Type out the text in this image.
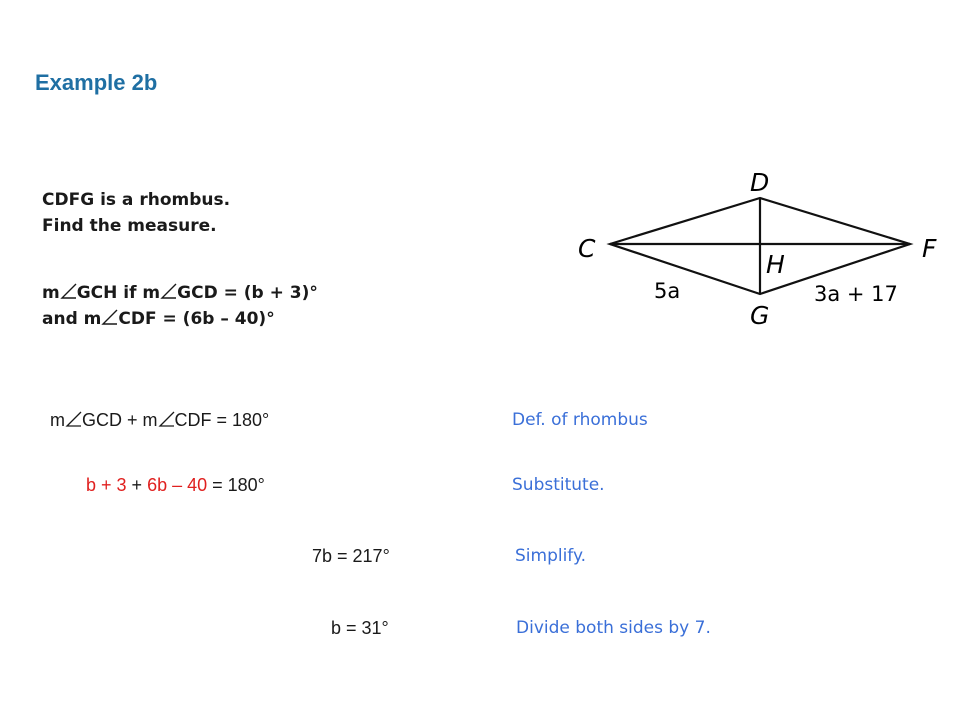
Example 2b
CDFG is a rhombus.
Find the measure.
m GCH if m GCD = (b + 3)°
and m CDF = (6b – 40)°
D
C	F
H
G
5a	3a + 17
m GCD + m CDF = 180°	Def. of rhombus
b + 3 + 6b – 40 = 180°	Substitute.
7b = 217°	Simplify.
b = 31°	Divide both sides by 7.
